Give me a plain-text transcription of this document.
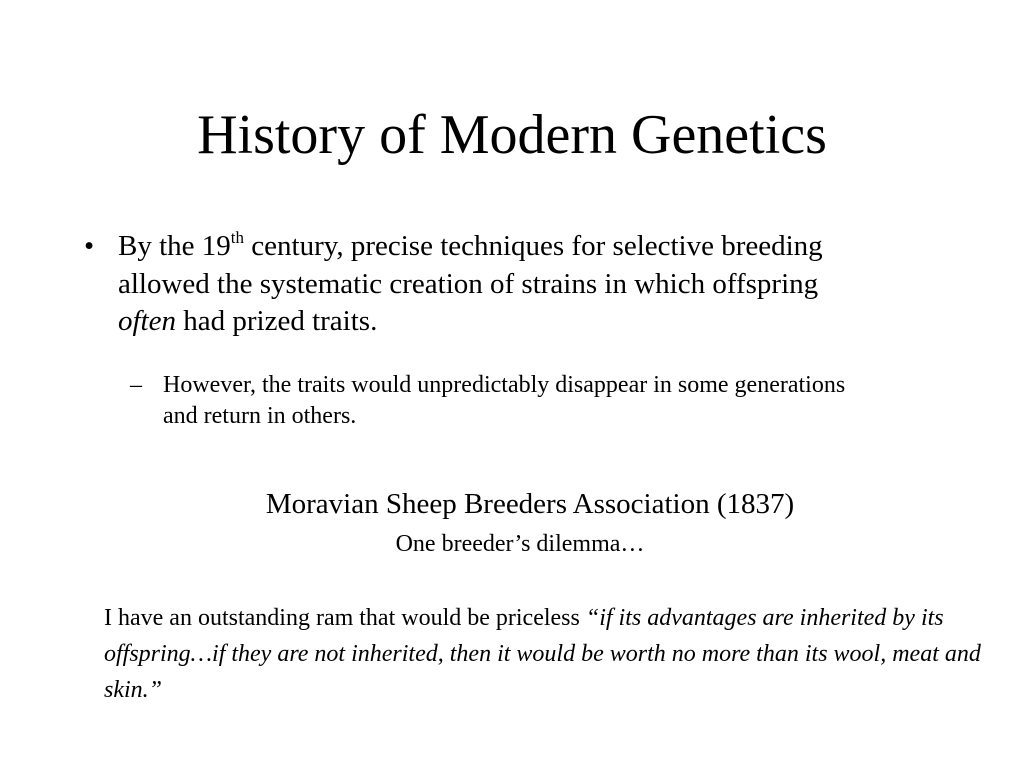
History of Modern Genetics
• By the 19th century, precise techniques for selective breeding allowed the systematic creation of strains in which offspring often had prized traits.
– However, the traits would unpredictably disappear in some generations and return in others.
Moravian Sheep Breeders Association (1837)
One breeder’s dilemma…
I have an outstanding ram that would be priceless “if its advantages are inherited by its offspring…if they are not inherited, then it would be worth no more than its wool, meat and skin.”
